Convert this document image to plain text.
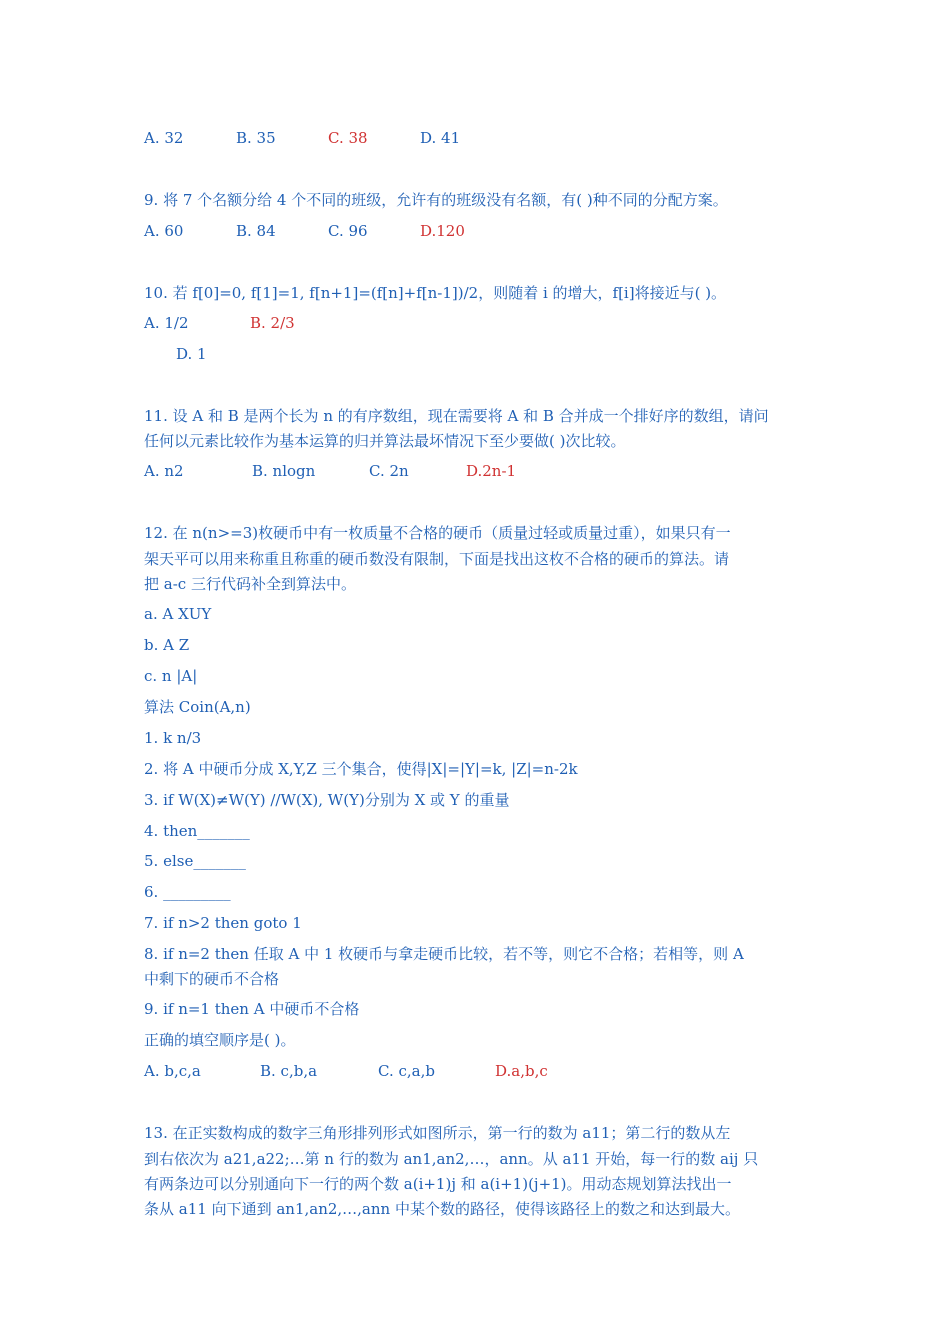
A. 32	B. 35	C. 38	D. 41
9. 将 7 个名额分给 4 个不同的班级，允许有的班级没有名额，有( )种不同的分配方案。
A. 60	B. 84	C. 96	D.120
10. 若 f[0]=0, f[1]=1, f[n+1]=(f[n]+f[n-1])/2，则随着 i 的增大，f[i]将接近与( )。
A. 1/2	B. 2/3
D. 1
11. 设 A 和 B 是两个长为 n 的有序数组，现在需要将 A 和 B 合并成一个排好序的数组，请问
任何以元素比较作为基本运算的归并算法最坏情况下至少要做( )次比较。
A. n2	B. nlogn	C. 2n	D.2n-1
12. 在 n(n>=3)枚硬币中有一枚质量不合格的硬币（质量过轻或质量过重），如果只有一
架天平可以用来称重且称重的硬币数没有限制，下面是找出这枚不合格的硬币的算法。请
把 a-c 三行代码补全到算法中。
a. A XUY
b. A Z
c. n |A|
算法 Coin(A,n)
1. k n/3
2. 将 A 中硬币分成 X,Y,Z 三个集合，使得|X|=|Y|=k, |Z|=n-2k
3. if W(X)≠W(Y) //W(X), W(Y)分别为 X 或 Y 的重量
4. then_______
5. else_______
6. _________
7. if n>2 then goto 1
8. if n=2 then 任取 A 中 1 枚硬币与拿走硬币比较，若不等，则它不合格；若相等，则 A
中剩下的硬币不合格
9. if n=1 then A 中硬币不合格
正确的填空顺序是( )。
A. b,c,a	B. c,b,a	C. c,a,b	D.a,b,c
13. 在正实数构成的数字三角形排列形式如图所示，第一行的数为 a11；第二行的数从左
到右依次为 a21,a22;…第 n 行的数为 an1,an2,…，ann。从 a11 开始，每一行的数 aij 只
有两条边可以分别通向下一行的两个数 a(i+1)j 和 a(i+1)(j+1)。用动态规划算法找出一
条从 a11 向下通到 an1,an2,…,ann 中某个数的路径，使得该路径上的数之和达到最大。
